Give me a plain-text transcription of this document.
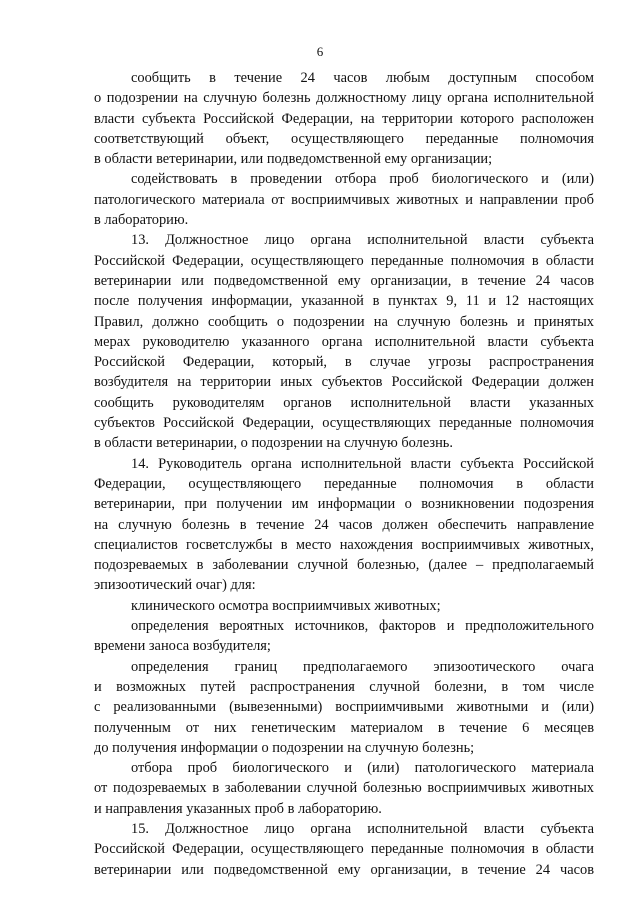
6
сообщить в течение 24 часов любым доступным способом
о подозрении на случную болезнь должностному лицу органа исполнительной
власти субъекта Российской Федерации, на территории которого расположен
соответствующий объект, осуществляющего переданные полномочия
в области ветеринарии, или подведомственной ему организации;
содействовать в проведении отбора проб биологического и (или)
патологического материала от восприимчивых животных и направлении проб
в лабораторию.
13. Должностное лицо органа исполнительной власти субъекта
Российской Федерации, осуществляющего переданные полномочия в области
ветеринарии или подведомственной ему организации, в течение 24 часов
после получения информации, указанной в пунктах 9, 11 и 12 настоящих
Правил, должно сообщить о подозрении на случную болезнь и принятых
мерах руководителю указанного органа исполнительной власти субъекта
Российской Федерации, который, в случае угрозы распространения
возбудителя на территории иных субъектов Российской Федерации должен
сообщить руководителям органов исполнительной власти указанных
субъектов Российской Федерации, осуществляющих переданные полномочия
в области ветеринарии, о подозрении на случную болезнь.
14. Руководитель органа исполнительной власти субъекта Российской
Федерации, осуществляющего переданные полномочия в области
ветеринарии, при получении им информации о возникновении подозрения
на случную болезнь в течение 24 часов должен обеспечить направление
специалистов госветслужбы в место нахождения восприимчивых животных,
подозреваемых в заболевании случной болезнью, (далее – предполагаемый
эпизоотический очаг) для:
клинического осмотра восприимчивых животных;
определения вероятных источников, факторов и предположительного
времени заноса возбудителя;
определения границ предполагаемого эпизоотического очага
и возможных путей распространения случной болезни, в том числе
с реализованными (вывезенными) восприимчивыми животными и (или)
полученным от них генетическим материалом в течение 6 месяцев
до получения информации о подозрении на случную болезнь;
отбора проб биологического и (или) патологического материала
от подозреваемых в заболевании случной болезнью восприимчивых животных
и направления указанных проб в лабораторию.
15. Должностное лицо органа исполнительной власти субъекта
Российской Федерации, осуществляющего переданные полномочия в области
ветеринарии или подведомственной ему организации, в течение 24 часов
